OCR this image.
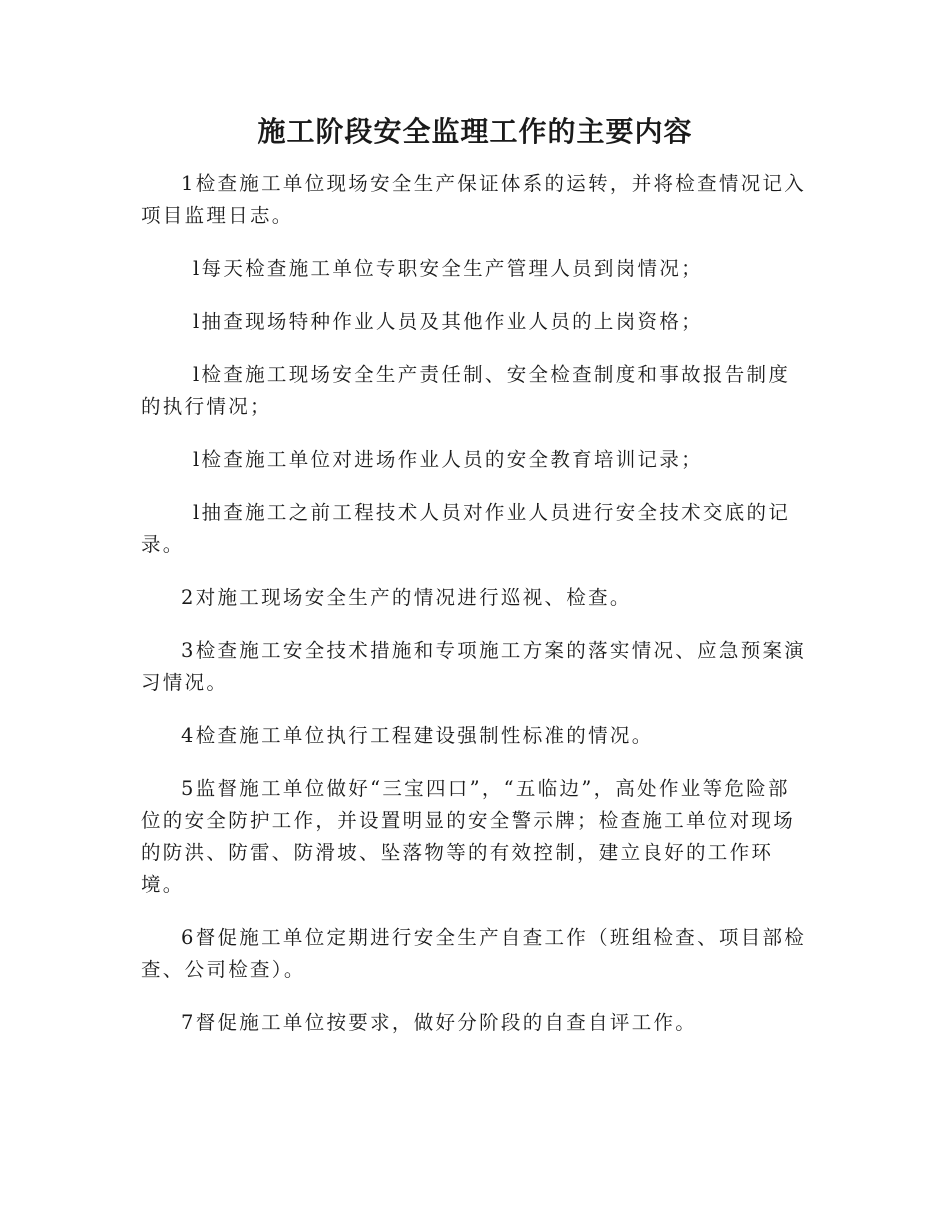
施工阶段安全监理工作的主要内容

1检查施工单位现场安全生产保证体系的运转，并将检查情况记入项目监理日志。

l每天检查施工单位专职安全生产管理人员到岗情况；

l抽查现场特种作业人员及其他作业人员的上岗资格；

l检查施工现场安全生产责任制、安全检查制度和事故报告制度的执行情况；

l检查施工单位对进场作业人员的安全教育培训记录；

l抽查施工之前工程技术人员对作业人员进行安全技术交底的记录。

2对施工现场安全生产的情况进行巡视、检查。

3检查施工安全技术措施和专项施工方案的落实情况、应急预案演习情况。

4检查施工单位执行工程建设强制性标准的情况。

5监督施工单位做好“三宝四口”，“五临边”，高处作业等危险部位的安全防护工作，并设置明显的安全警示牌；检查施工单位对现场的防洪、防雷、防滑坡、坠落物等的有效控制，建立良好的工作环境。

6督促施工单位定期进行安全生产自查工作（班组检查、项目部检查、公司检查）。

7督促施工单位按要求，做好分阶段的自查自评工作。
